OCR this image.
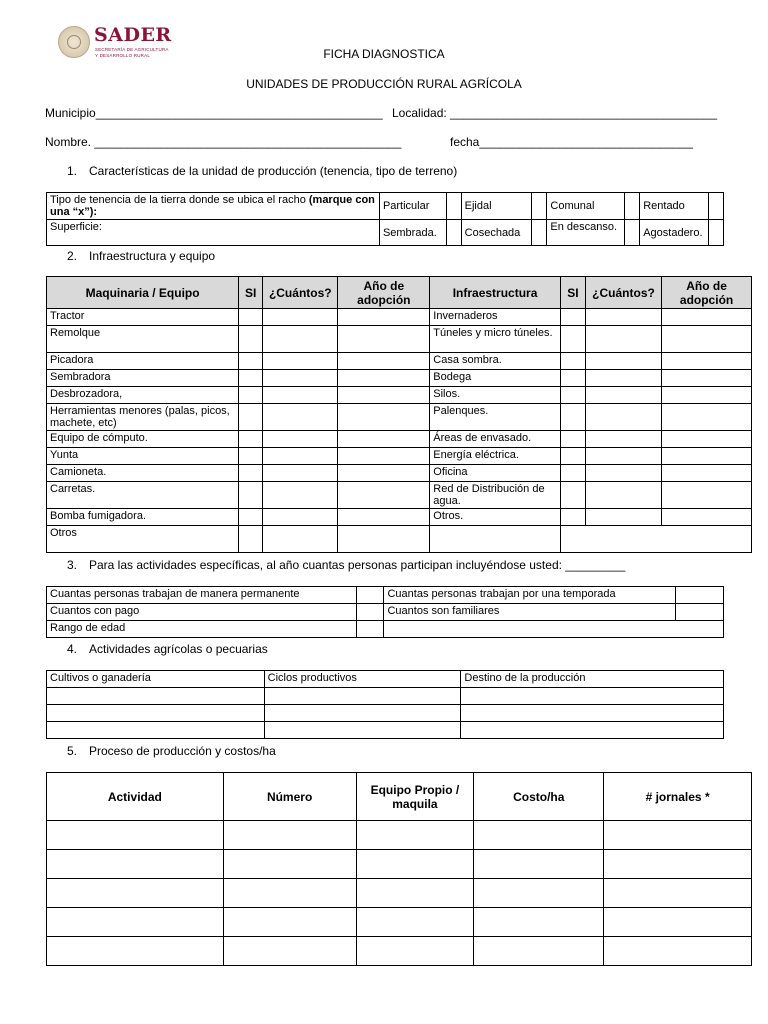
SADER
SECRETARÍA DE AGRICULTURA
Y DESARROLLO RURAL	FICHA DIAGNOSTICA
UNIDADES DE PRODUCCIÓN RURAL AGRÍCOLA
Municipio___________________________________________ Localidad: ________________________________________
Nombre. ______________________________________________	fecha________________________________
1. Características de la unidad de producción (tenencia, tipo de terreno)
Tipo de tenencia de la tierra donde se ubica el racho (marque con una “x”):	Particular		Ejidal		Comunal		Rentado	
Superficie:	Sembrada.		Cosechada		En descanso.		Agostadero.	
2. Infraestructura y equipo
Maquinaria / Equipo	SI	¿Cuántos?	Año de adopción	Infraestructura	SI	¿Cuántos?	Año de adopción
Tractor				Invernaderos			
Remolque				Túneles y micro túneles.			
Picadora				Casa sombra.			
Sembradora				Bodega			
Desbrozadora,				Silos.			
Herramientas menores (palas, picos, machete, etc)				Palenques.			
Equipo de cómputo.				Áreas de envasado.			
Yunta				Energía eléctrica.			
Camioneta.				Oficina			
Carretas.				Red de Distribución de agua.			
Bomba fumigadora.				Otros.			
Otros							
3. Para las actividades específicas, al año cuantas personas participan incluyéndose usted: _________
Cuantas personas trabajan de manera permanente		Cuantas personas trabajan por una temporada	
Cuantos con pago		Cuantos son familiares	
Rango de edad			
4. Actividades agrícolas o pecuarias
Cultivos o ganadería	Ciclos productivos	Destino de la producción

5. Proceso de producción y costos/ha
Actividad	Número	Equipo Propio / maquila	Costo/ha	# jornales *
